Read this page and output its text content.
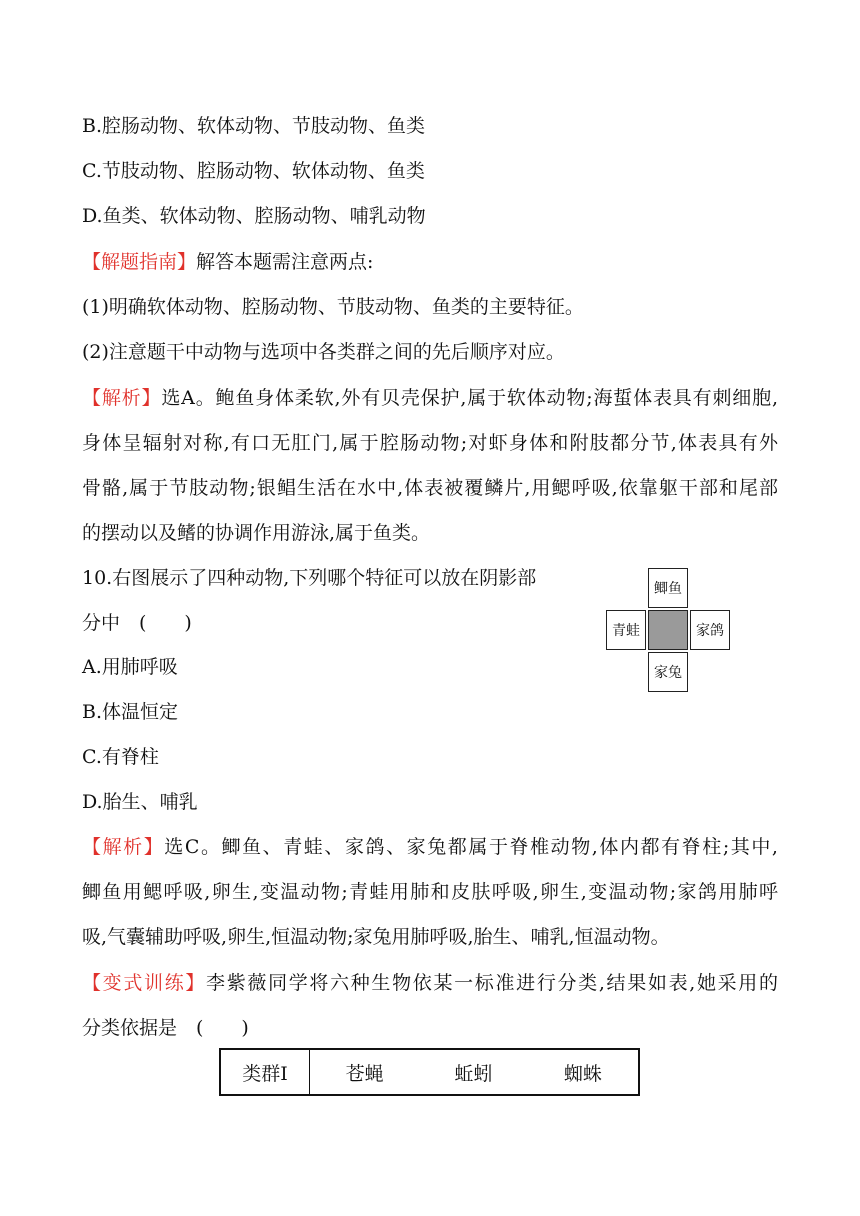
B.腔肠动物、软体动物、节肢动物、鱼类
C.节肢动物、腔肠动物、软体动物、鱼类
D.鱼类、软体动物、腔肠动物、哺乳动物
【解题指南】解答本题需注意两点:
(1)明确软体动物、腔肠动物、节肢动物、鱼类的主要特征。
(2)注意题干中动物与选项中各类群之间的先后顺序对应。
【解析】选A。鲍鱼身体柔软,外有贝壳保护,属于软体动物;海蜇体表具有刺细胞,
身体呈辐射对称,有口无肛门,属于腔肠动物;对虾身体和附肢都分节,体表具有外
骨骼,属于节肢动物;银鲳生活在水中,体表被覆鳞片,用鳃呼吸,依靠躯干部和尾部
的摆动以及鳍的协调作用游泳,属于鱼类。
10.右图展示了四种动物,下列哪个特征可以放在阴影部
分中　(　　)
鲫鱼
青蛙	家鸽
家兔
A.用肺呼吸
B.体温恒定
C.有脊柱
D.胎生、哺乳
【解析】选C。鲫鱼、青蛙、家鸽、家兔都属于脊椎动物,体内都有脊柱;其中,
鲫鱼用鳃呼吸,卵生,变温动物;青蛙用肺和皮肤呼吸,卵生,变温动物;家鸽用肺呼
吸,气囊辅助呼吸,卵生,恒温动物;家兔用肺呼吸,胎生、哺乳,恒温动物。
【变式训练】李紫薇同学将六种生物依某一标准进行分类,结果如表,她采用的
分类依据是　(　　)
类群Ⅰ	苍蝇	蚯蚓	蜘蛛
